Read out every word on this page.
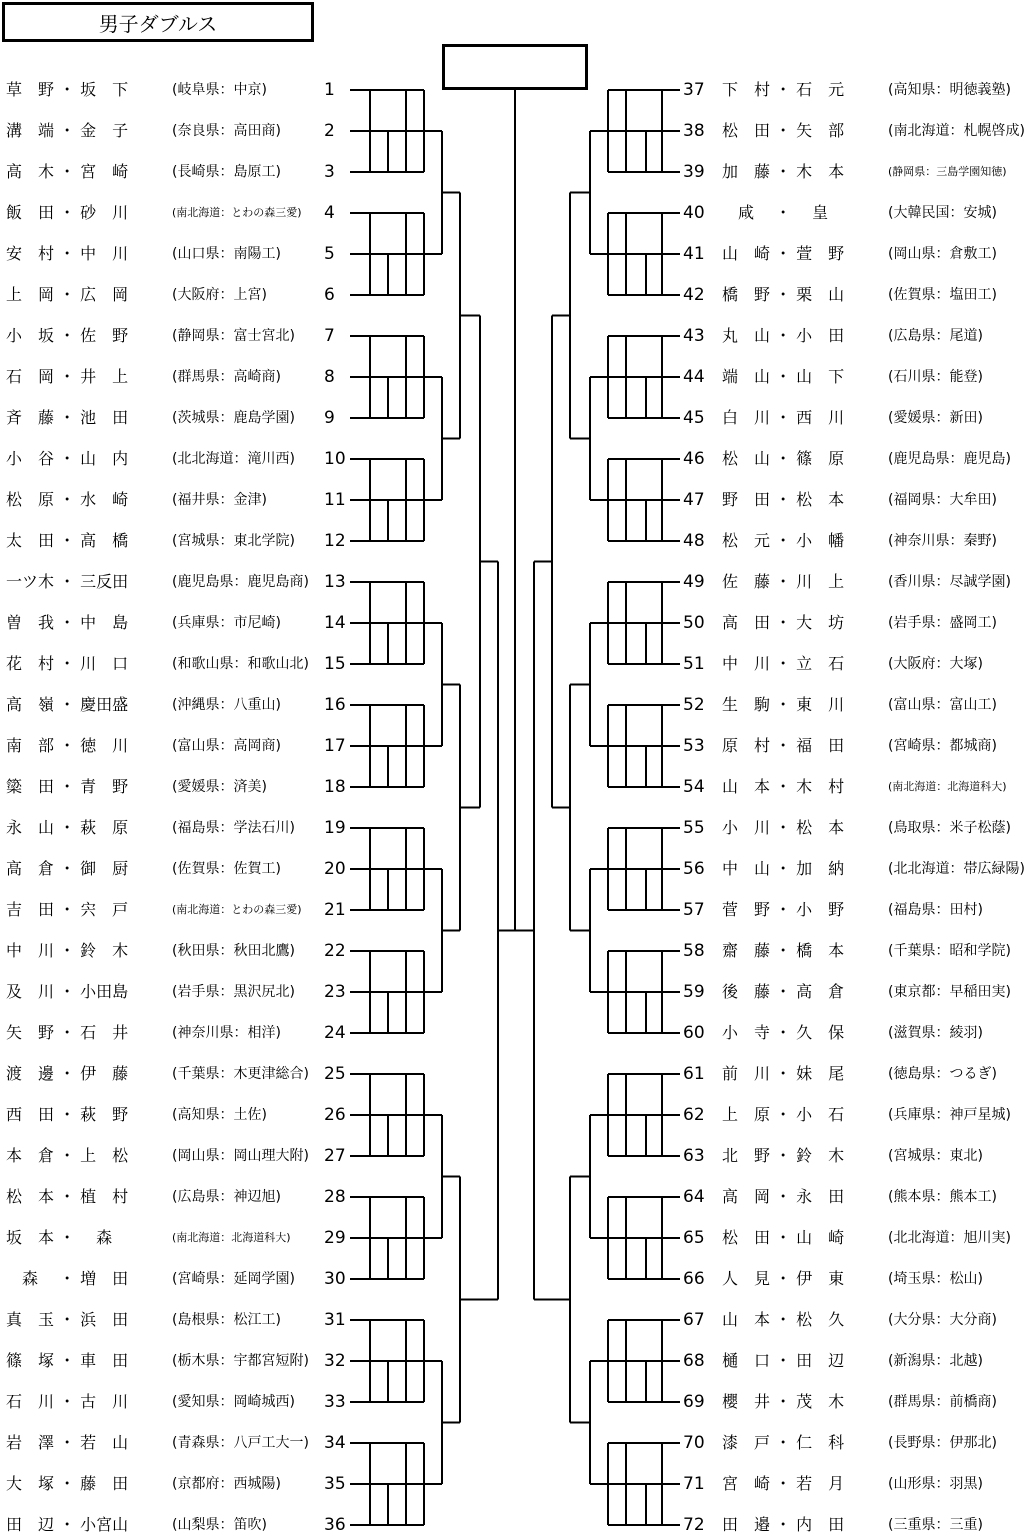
男子ダブルス
草　野 ・ 坂　下	(岐阜県：中京)	1
溝　端 ・ 金　子	(奈良県：高田商)	2
高　木 ・ 宮　崎	(長崎県：島原工)	3
飯　田 ・ 砂　川	(南北海道：とわの森三愛) 4
安　村 ・ 中　川	(山口県：南陽工)	5
上　岡 ・ 広　岡	(大阪府：上宮)	6
小　坂 ・ 佐　野	(静岡県：富士宮北) 7
石　岡 ・ 井　上	(群馬県：高崎商)	8
斉　藤 ・ 池　田	(茨城県：鹿島学園) 9
小　谷 ・ 山　内	(北北海道：滝川西) 10
松　原 ・ 水　崎	(福井県：金津)	11
太　田 ・ 高　橋	(宮城県：東北学院) 12
一ツ木 ・ 三反田	(鹿児島県：鹿児島商) 13
曽　我 ・ 中　島	(兵庫県：市尼崎)	14
花　村 ・ 川　口	(和歌山県：和歌山北) 15
高　嶺 ・ 慶田盛	(沖縄県：八重山)	16
南　部 ・ 徳　川	(富山県：高岡商)	17
簗　田 ・ 青　野	(愛媛県：済美)	18
永　山 ・ 萩　原	(福島県：学法石川) 19
高　倉 ・ 御　厨	(佐賀県：佐賀工)	20
吉　田 ・ 宍　戸	(南北海道：とわの森三愛) 21
中　川 ・ 鈴　木	(秋田県：秋田北鷹) 22
及　川 ・ 小田島	(岩手県：黒沢尻北) 23
矢　野 ・ 石　井	(神奈川県：相洋)	24
渡　邊 ・ 伊　藤	(千葉県：木更津総合) 25
西　田 ・ 萩　野	(高知県：土佐)	26
本　倉 ・ 上　松	(岡山県：岡山理大附) 27
松　本 ・ 植　村	(広島県：神辺旭)	28
坂　本 ・ 　森	(南北海道：北海道科大) 29
　森 　・ 増　田	(宮崎県：延岡学園) 30
真　玉 ・ 浜　田	(島根県：松江工)	31
篠　塚 ・ 車　田	(栃木県：宇都宮短附) 32
石　川 ・ 古　川	(愛知県：岡崎城西) 33
岩　澤 ・ 若　山	(青森県：八戸工大一) 34
大　塚 ・ 藤　田	(京都府：西城陽)	35
田　辺 ・ 小宮山	(山梨県：笛吹)	36
37 下　村 ・ 石　元	(高知県：明徳義塾)
38 松　田 ・ 矢　部	(南北海道：札幌啓成)
39 加　藤 ・ 木　本	(静岡県：三島学園知徳)
40 　咸　 ・ 　皇	(大韓民国：安城)
41 山　崎 ・ 萱　野	(岡山県：倉敷工)
42 橋　野 ・ 栗　山	(佐賀県：塩田工)
43 丸　山 ・ 小　田	(広島県：尾道)
44 端　山 ・ 山　下	(石川県：能登)
45 白　川 ・ 西　川	(愛媛県：新田)
46 松　山 ・ 篠　原	(鹿児島県：鹿児島)
47 野　田 ・ 松　本	(福岡県：大牟田)
48 松　元 ・ 小　幡	(神奈川県：秦野)
49 佐　藤 ・ 川　上	(香川県：尽誠学園)
50 高　田 ・ 大　坊	(岩手県：盛岡工)
51 中　川 ・ 立　石	(大阪府：大塚)
52 生　駒 ・ 東　川	(富山県：富山工)
53 原　村 ・ 福　田	(宮崎県：都城商)
54 山　本 ・ 木　村	(南北海道：北海道科大)
55 小　川 ・ 松　本	(鳥取県：米子松蔭)
56 中　山 ・ 加　納	(北北海道：帯広緑陽)
57 菅　野 ・ 小　野	(福島県：田村)
58 齋　藤 ・ 橋　本	(千葉県：昭和学院)
59 後　藤 ・ 高　倉	(東京都：早稲田実)
60 小　寺 ・ 久　保	(滋賀県：綾羽)
61 前　川 ・ 妹　尾	(徳島県：つるぎ)
62 上　原 ・ 小　石	(兵庫県：神戸星城)
63 北　野 ・ 鈴　木	(宮城県：東北)
64 高　岡 ・ 永　田	(熊本県：熊本工)
65 松　田 ・ 山　崎	(北北海道：旭川実)
66 人　見 ・ 伊　東	(埼玉県：松山)
67 山　本 ・ 松　久	(大分県：大分商)
68 樋　口 ・ 田　辺	(新潟県：北越)
69 櫻　井 ・ 茂　木	(群馬県：前橋商)
70 漆　戸 ・ 仁　科	(長野県：伊那北)
71 宮　崎 ・ 若　月	(山形県：羽黒)
72 田　邉 ・ 内　田	(三重県：三重)
